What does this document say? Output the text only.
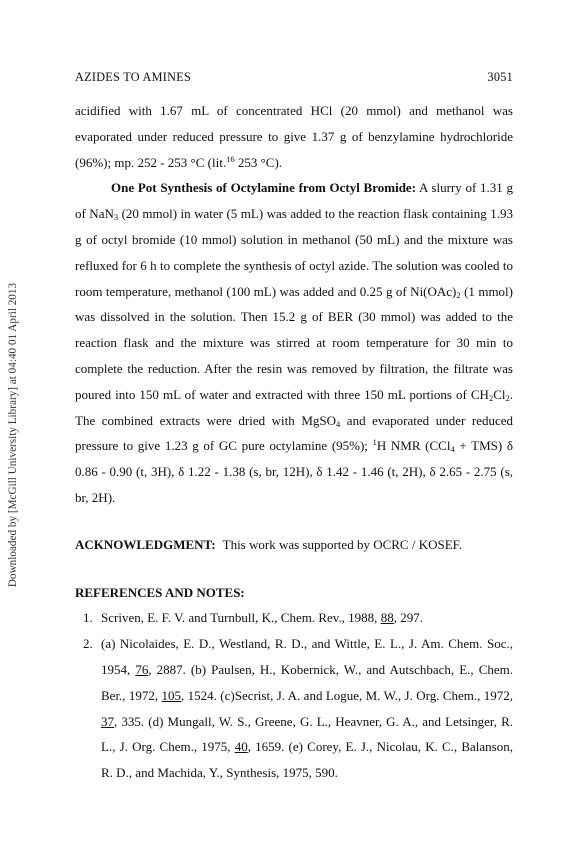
Downloaded by [McGill University Library] at 04:40 01 April 2013
AZIDES TO AMINES	3051

acidified with 1.67 mL of concentrated HCl (20 mmol) and methanol was evaporated under reduced pressure to give 1.37 g of benzylamine hydrochloride (96%); mp. 252 - 253 °C (lit.$^{16}$ 253 °C).

One Pot Synthesis of Octylamine from Octyl Bromide: A slurry of 1.31 g of NaN$_3$ (20 mmol) in water (5 mL) was added to the reaction flask containing 1.93 g of octyl bromide (10 mmol) solution in methanol (50 mL) and the mixture was refluxed for 6 h to complete the synthesis of octyl azide. The solution was cooled to room temperature, methanol (100 mL) was added and 0.25 g of $Ni(OAc)_2$ (1 mmol) was dissolved in the solution. Then 15.2 g of BER (30 mmol) was added to the reaction flask and the mixture was stirred at room temperature for 30 min to complete the reduction. After the resin was removed by filtration, the filtrate was poured into 150 mL of water and extracted with three 150 mL portions of $CH_2Cl_2$. The combined extracts were dried with MgSO$_4$ and evaporated under reduced pressure to give 1.23 g of GC pure octylamine (95%); $^1$H NMR (CCl$_4$ + TMS) δ 0.86 - 0.90 (t, 3H), δ 1.22 - 1.38 (s, br, 12H), δ 1.42 - 1.46 (t, 2H), δ 2.65 - 2.75 (s, br, 2H).

ACKNOWLEDGMENT: This work was supported by OCRC / KOSEF.

REFERENCES AND NOTES:

1. Scriven, E. F. V. and Turnbull, K., Chem. Rev., 1988, 88, 297.
2. (a) Nicolaides, E. D., Westland, R. D., and Wittle, E. L., J. Am. Chem. Soc., 1954, 76, 2887. (b) Paulsen, H., Kobernick, W., and Autschbach, E., Chem. Ber., 1972, 105, 1524. (c)Secrist, J. A. and Logue, M. W., J. Org. Chem., 1972, 37, 335. (d) Mungall, W. S., Greene, G. L., Heavner, G. A., and Letsinger, R. L., J. Org. Chem., 1975, 40, 1659. (e) Corey, E. J., Nicolau, K. C., Balanson, R. D., and Machida, Y., Synthesis, 1975, 590.
